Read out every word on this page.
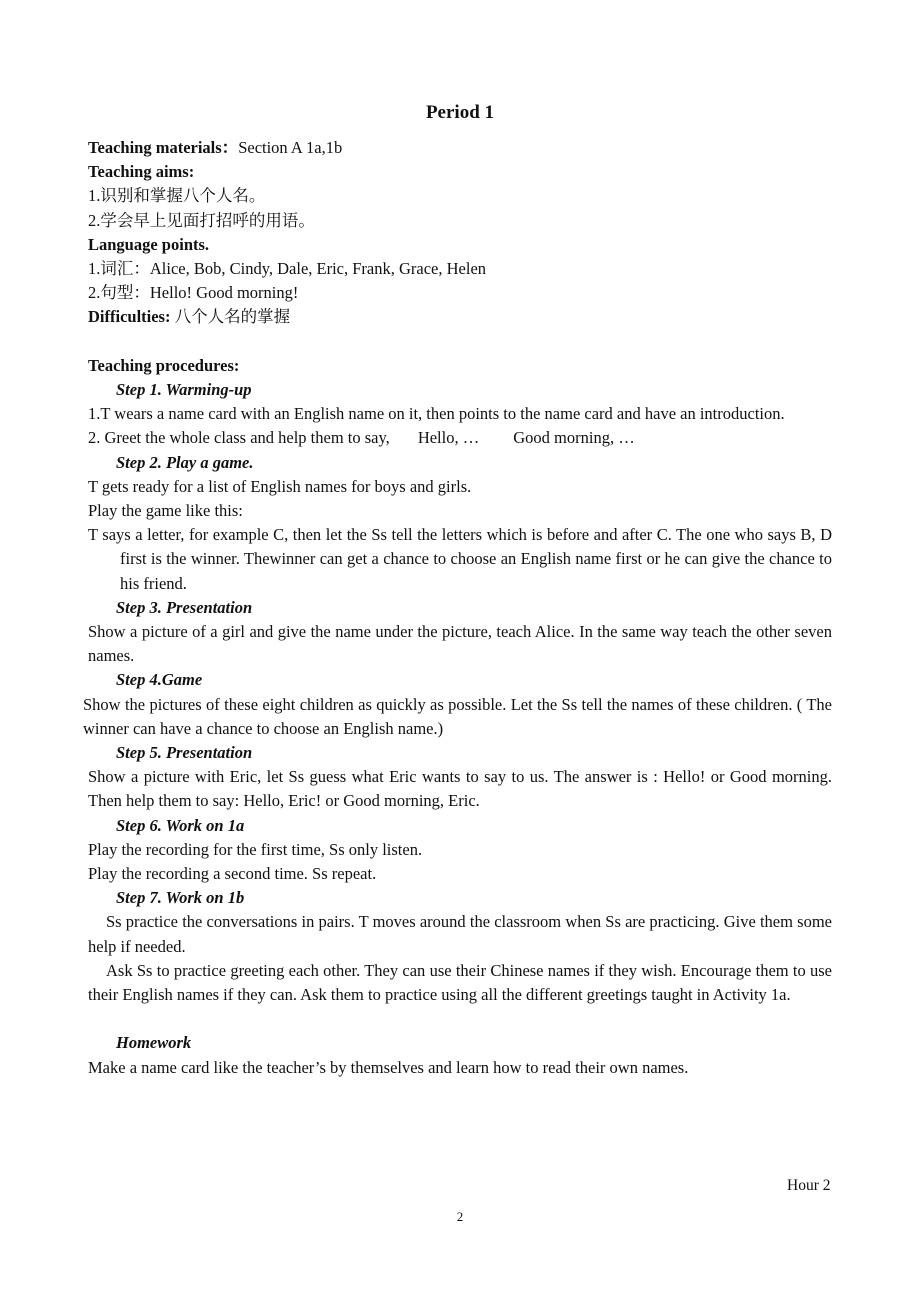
Period 1

Teaching materials：Section A 1a,1b

Teaching aims:

1.识别和掌握八个人名。

2.学会早上见面打招呼的用语。

Language points.

1.词汇：Alice, Bob, Cindy, Dale, Eric, Frank, Grace, Helen

2.句型：Hello! Good morning!

Difficulties: 八个人名的掌握

Teaching procedures:

Step 1. Warming-up

1.T wears a name card with an English name on it, then points to the name card and have an introduction.

2. Greet the whole class and help them to say, Hello, … Good morning, …

Step 2. Play a game.

T gets ready for a list of English names for boys and girls.

Play the game like this:

T says a letter, for example C, then let the Ss tell the letters which is before and after C. The one who says B, D first is the winner. Thewinner can get a chance to choose an English name first or he can give the chance to his friend.

Step 3. Presentation

Show a picture of a girl and give the name under the picture, teach Alice. In the same way teach the other seven names.

Step 4.Game

Show the pictures of these eight children as quickly as possible. Let the Ss tell the names of these children. ( The winner can have a chance to choose an English name.)

Step 5. Presentation

Show a picture with Eric, let Ss guess what Eric wants to say to us. The answer is : Hello! or Good morning. Then help them to say: Hello, Eric! or Good morning, Eric.

Step 6. Work on 1a

Play the recording for the first time, Ss only listen.

Play the recording a second time. Ss repeat.

Step 7. Work on 1b

Ss practice the conversations in pairs. T moves around the classroom when Ss are practicing. Give them some help if needed.

Ask Ss to practice greeting each other. They can use their Chinese names if they wish. Encourage them to use their English names if they can. Ask them to practice using all the different greetings taught in Activity 1a.

Homework

Make a name card like the teacher’s by themselves and learn how to read their own names.

Hour 2
2
